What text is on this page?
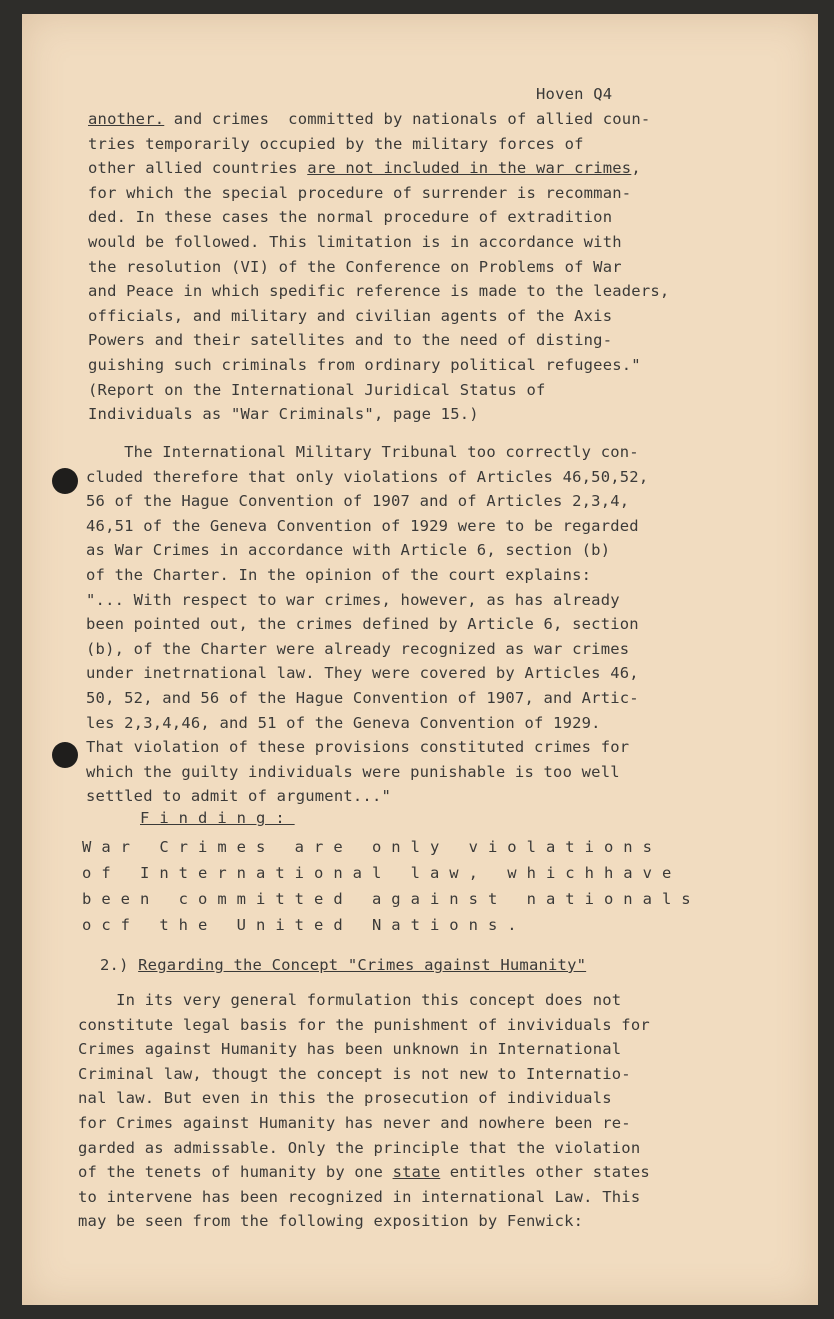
Hoven Q4
another. and crimes  committed by nationals of allied coun-
tries temporarily occupied by the military forces of
other allied countries are not included in the war crimes,
for which the special procedure of surrender is recomman-
ded. In these cases the normal procedure of extradition
would be followed. This limitation is in accordance with
the resolution (VI) of the Conference on Problems of War
and Peace in which spedific reference is made to the leaders,
officials, and military and civilian agents of the Axis
Powers and their satellites and to the need of disting-
guishing such criminals from ordinary political refugees."
(Report on the International Juridical Status of
Individuals as "War Criminals", page 15.)
The International Military Tribunal too correctly con-
cluded therefore that only violations of Articles 46,50,52,
56 of the Hague Convention of 1907 and of Articles 2,3,4,
46,51 of the Geneva Convention of 1929 were to be regarded
as War Crimes in accordance with Article 6, section (b)
of the Charter. In the opinion of the court explains:
"... With respect to war crimes, however, as has already
been pointed out, the crimes defined by Article 6, section
(b), of the Charter were already recognized as war crimes
under inetrnational law. They were covered by Articles 46,
50, 52, and 56 of the Hague Convention of 1907, and Artic-
les 2,3,4,46, and 51 of the Geneva Convention of 1929.
That violation of these provisions constituted crimes for
which the guilty individuals were punishable is too well
settled to admit of argument..."
Finding:
War Crimes are only violations
of International law, whichhave
been committed against nationals
ocf the United Nations.
2.) Regarding the Concept "Crimes against Humanity"
In its very general formulation this concept does not
constitute legal basis for the punishment of invividuals for
Crimes against Humanity has been unknown in International
Criminal law, thougt the concept is not new to Internatio-
nal law. But even in this the prosecution of individuals
for Crimes against Humanity has never and nowhere been re-
garded as admissable. Only the principle that the violation
of the tenets of humanity by one state entitles other states
to intervene has been recognized in international Law. This
may be seen from the following exposition by Fenwick:
